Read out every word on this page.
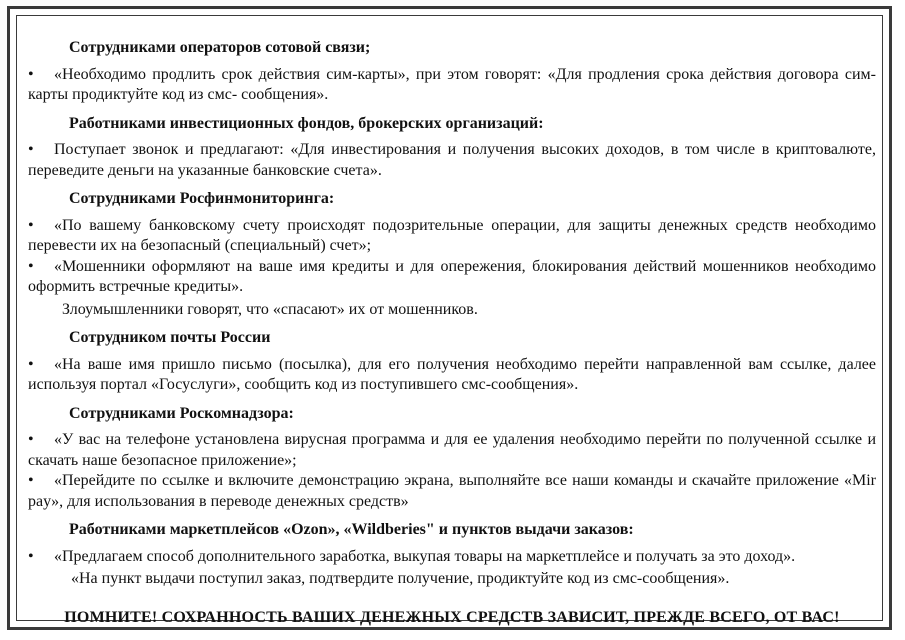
Сотрудниками операторов сотовой связи;

• «Необходимо продлить срок действия сим-карты», при этом говорят: «Для продления срока действия договора сим-карты продиктуйте код из смс- сообщения».

Работниками инвестиционных фондов, брокерских организаций:

• Поступает звонок и предлагают: «Для инвестирования и получения высоких доходов, в том числе в криптовалюте, переведите деньги на указанные банковские счета».

Сотрудниками Росфинмониторинга:

• «По вашему банковскому счету происходят подозрительные операции, для защиты денежных средств необходимо перевести их на безопасный (специальный) счет»;

• «Мошенники оформляют на ваше имя кредиты и для опережения, блокирования действий мошенников необходимо оформить встречные кредиты».

Злоумышленники говорят, что «спасают» их от мошенников.

Сотрудником почты России

• «На ваше имя пришло письмо (посылка), для его получения необходимо перейти направленной вам ссылке, далее используя портал «Госуслуги», сообщить код из поступившего смс-сообщения».

Сотрудниками Роскомнадзора:

• «У вас на телефоне установлена вирусная программа и для ее удаления необходимо перейти по полученной ссылке и скачать наше безопасное приложение»;

• «Перейдите по ссылке и включите демонстрацию экрана, выполняйте все наши команды и скачайте приложение «Mir pay», для использования в переводе денежных средств»

Работниками маркетплейсов «Ozon», «Wildberies" и пунктов выдачи заказов:

• «Предлагаем способ дополнительного заработка, выкупая товары на маркетплейсе и получать за это доход».

«На пункт выдачи поступил заказ, подтвердите получение, продиктуйте код из смс-сообщения».

ПОМНИТЕ! СОХРАННОСТЬ ВАШИХ ДЕНЕЖНЫХ СРЕДСТВ ЗАВИСИТ, ПРЕЖДЕ ВСЕГО, ОТ ВАС!
